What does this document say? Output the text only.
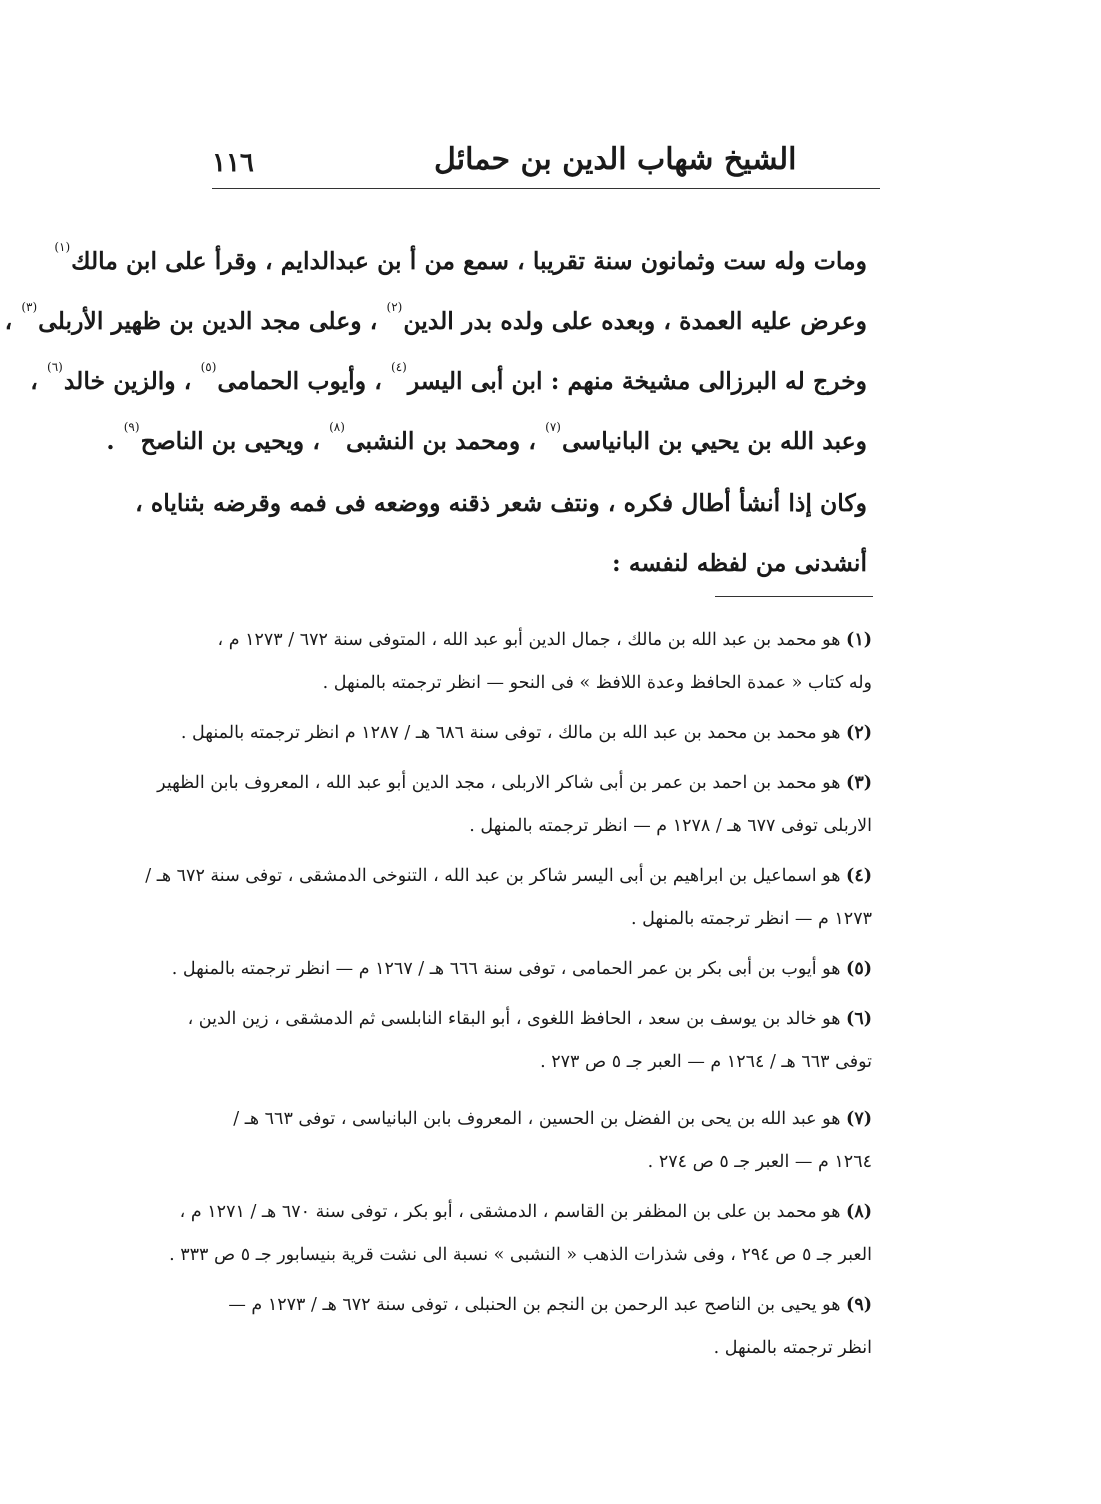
١١٦	الشيخ شهاب الدين بن حمائل
ومات وله ست وثمانون سنة تقريبا ، سمع من أ بن عبدالدايم ، وقرأ على ابن مالك$^{(١)}$
وعرض عليه العمدة ، وبعده على ولده بدر الدين$^{(٢)}$ ، وعلى مجد الدين بن ظهير الأربلى$^{(٣)}$ ،
وخرج له البرزالى مشيخة منهم : ابن أبى اليسر$^{(٤)}$ ، وأيوب الحمامى$^{(٥)}$ ، والزين خالد$^{(٦)}$ ،
وعبد الله بن يحيي بن البانياسى$^{(٧)}$ ، ومحمد بن النشبى$^{(٨)}$ ، ويحيى بن الناصح$^{(٩)}$ .
وكان إذا أنشأ أطال فكره ، ونتف شعر ذقنه ووضعه فى فمه وقرضه بثناياه ،
أنشدنى من لفظه لنفسه :
(١) هو محمد بن عبد الله بن مالك ، جمال الدين أبو عبد الله ، المتوفى سنة ٦٧٢ / ١٢٧٣ م ،
وله كتاب « عمدة الحافظ وعدة اللافظ » فى النحو — انظر ترجمته بالمنهل .
(٢) هو محمد بن محمد بن عبد الله بن مالك ، توفى سنة ٦٨٦ هـ / ١٢٨٧ م انظر ترجمته بالمنهل .
(٣) هو محمد بن احمد بن عمر بن أبى شاكر الاربلى ، مجد الدين أبو عبد الله ، المعروف بابن الظهير
الاربلى توفى ٦٧٧ هـ / ١٢٧٨ م — انظر ترجمته بالمنهل .
(٤) هو اسماعيل بن ابراهيم بن أبى اليسر شاكر بن عبد الله ، التنوخى الدمشقى ، توفى سنة ٦٧٢ هـ /
١٢٧٣ م — انظر ترجمته بالمنهل .
(٥) هو أيوب بن أبى بكر بن عمر الحمامى ، توفى سنة ٦٦٦ هـ / ١٢٦٧ م — انظر ترجمته بالمنهل .
(٦) هو خالد بن يوسف بن سعد ، الحافظ اللغوى ، أبو البقاء النابلسى ثم الدمشقى ، زين الدين ،
توفى ٦٦٣ هـ / ١٢٦٤ م — العبر جـ ٥ ص ٢٧٣ .
(٧) هو عبد الله بن يحى بن الفضل بن الحسين ، المعروف بابن البانياسى ، توفى ٦٦٣ هـ /
١٢٦٤ م — العبر جـ ٥ ص ٢٧٤ .
(٨) هو محمد بن على بن المظفر بن القاسم ، الدمشقى ، أبو بكر ، توفى سنة ٦٧٠ هـ / ١٢٧١ م ،
العبر جـ ٥ ص ٢٩٤ ، وفى شذرات الذهب « النشبى » نسبة الى نشت قرية بنيسابور جـ ٥ ص ٣٣٣ .
(٩) هو يحيى بن الناصح عبد الرحمن بن النجم بن الحنبلى ، توفى سنة ٦٧٢ هـ / ١٢٧٣ م —
انظر ترجمته بالمنهل .
